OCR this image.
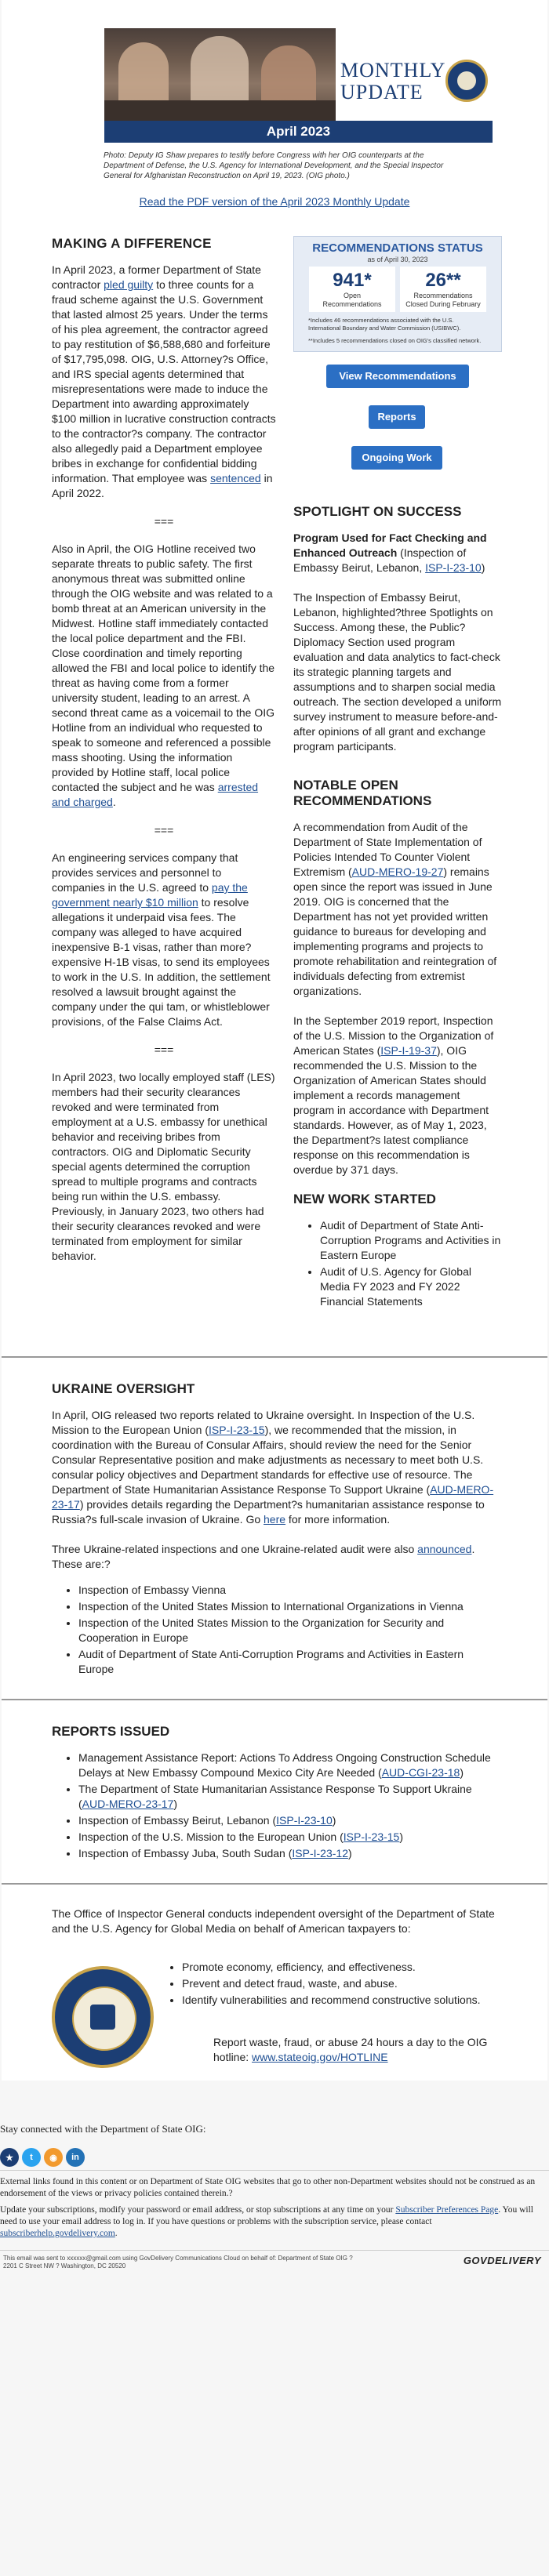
MONTHLY
UPDATE
April 2023

Photo: Deputy IG Shaw prepares to testify before Congress with her OIG counterparts at the Department of Defense, the U.S. Agency for International Development, and the Special Inspector General for Afghanistan Reconstruction on April 19, 2023. (OIG photo.)

Read the PDF version of the April 2023 Monthly Update
MAKING A DIFFERENCE

In April 2023, a former Department of State contractor pled guilty to three counts for a fraud scheme against the U.S. Government that lasted almost 25 years. Under the terms of his plea agreement, the contractor agreed to pay restitution of $6,588,680 and forfeiture of $17,795,098. OIG, U.S. Attorney?s Office, and IRS special agents determined that misrepresentations were made to induce the Department into awarding approximately $100 million in lucrative construction contracts to the contractor?s company. The contractor also allegedly paid a Department employee bribes in exchange for confidential bidding information. That employee was sentenced in April 2022.

===

Also in April, the OIG Hotline received two separate threats to public safety. The first anonymous threat was submitted online through the OIG website and was related to a bomb threat at an American university in the Midwest. Hotline staff immediately contacted the local police department and the FBI. Close coordination and timely reporting allowed the FBI and local police to identify the threat as having come from a former university student, leading to an arrest. A second threat came as a voicemail to the OIG Hotline from an individual who requested to speak to someone and referenced a possible mass shooting. Using the information provided by Hotline staff, local police contacted the subject and he was arrested and charged.

===

An engineering services company that provides services and personnel to companies in the U.S. agreed to pay the government nearly $10 million to resolve allegations it underpaid visa fees. The company was alleged to have acquired inexpensive B-1 visas, rather than more?expensive H-1B visas, to send its employees to work in the U.S. In addition, the settlement resolved a lawsuit brought against the company under the qui tam, or whistleblower provisions, of the False Claims Act.

===

In April 2023, two locally employed staff (LES) members had their security clearances revoked and were terminated from employment at a U.S. embassy for unethical behavior and receiving bribes from contractors. OIG and Diplomatic Security special agents determined the corruption spread to multiple programs and contracts being run within the U.S. embassy. Previously, in January 2023, two others had their security clearances revoked and were terminated from employment for similar behavior.

RECOMMENDATIONS STATUS
as of April 30, 2023
941*
Open
Recommendations
26**
Recommendations
Closed During February
*Includes 46 recommendations associated with the U.S. International Boundary and Water Commission (USIBWC).
**Includes 5 recommendations closed on OIG's classified network.
View Recommendations
Reports
Ongoing Work
SPOTLIGHT ON SUCCESS

Program Used for Fact Checking and Enhanced Outreach (Inspection of Embassy Beirut, Lebanon, ISP-I-23-10)

The Inspection of Embassy Beirut, Lebanon, highlighted?three Spotlights on Success. Among these, the Public?Diplomacy Section used program evaluation and data analytics to fact-check its strategic planning targets and assumptions and to sharpen social media outreach. The section developed a uniform survey instrument to measure before-and-after opinions of all grant and exchange program participants.

NOTABLE OPEN RECOMMENDATIONS

A recommendation from Audit of the Department of State Implementation of Policies Intended To Counter Violent Extremism (AUD-MERO-19-27) remains open since the report was issued in June 2019. OIG is concerned that the Department has not yet provided written guidance to bureaus for developing and implementing programs and projects to promote rehabilitation and reintegration of individuals defecting from extremist organizations.

In the September 2019 report, Inspection of the U.S. Mission to the Organization of American States (ISP-I-19-37), OIG recommended the U.S. Mission to the Organization of American States should implement a records management program in accordance with Department standards. However, as of May 1, 2023, the Department?s latest compliance response on this recommendation is overdue by 371 days.

NEW WORK STARTED
• Audit of Department of State Anti-Corruption Programs and Activities in Eastern Europe
• Audit of U.S. Agency for Global Media FY 2023 and FY 2022 Financial Statements
UKRAINE OVERSIGHT

In April, OIG released two reports related to Ukraine oversight. In Inspection of the U.S. Mission to the European Union (ISP-I-23-15), we recommended that the mission, in coordination with the Bureau of Consular Affairs, should review the need for the Senior Consular Representative position and make adjustments as necessary to meet both U.S. consular policy objectives and Department standards for effective use of resource. The Department of State Humanitarian Assistance Response To Support Ukraine (AUD-MERO-23-17) provides details regarding the Department?s humanitarian assistance response to Russia?s full-scale invasion of Ukraine. Go here for more information.

Three Ukraine-related inspections and one Ukraine-related audit were also announced. These are:?

• Inspection of Embassy Vienna
• Inspection of the United States Mission to International Organizations in Vienna
• Inspection of the United States Mission to the Organization for Security and Cooperation in Europe
• Audit of Department of State Anti-Corruption Programs and Activities in Eastern Europe
REPORTS ISSUED
• Management Assistance Report: Actions To Address Ongoing Construction Schedule Delays at New Embassy Compound Mexico City Are Needed (AUD-CGI-23-18)
• The Department of State Humanitarian Assistance Response To Support Ukraine (AUD-MERO-23-17)
• Inspection of Embassy Beirut, Lebanon (ISP-I-23-10)
• Inspection of the U.S. Mission to the European Union (ISP-I-23-15)
• Inspection of Embassy Juba, South Sudan (ISP-I-23-12)

The Office of Inspector General conducts independent oversight of the Department of State and the U.S. Agency for Global Media on behalf of American taxpayers to:

• Promote economy, efficiency, and effectiveness.
• Prevent and detect fraud, waste, and abuse.
• Identify vulnerabilities and recommend constructive solutions.

Report waste, fraud, or abuse 24 hours a day to the OIG hotline: www.stateoig.gov/HOTLINE

Stay connected with the Department of State OIG:

★	t	◉	in

External links found in this content or on Department of State OIG websites that go to other non-Department websites should not be construed as an endorsement of the views or privacy policies contained therein.?

Update your subscriptions, modify your password or email address, or stop subscriptions at any time on your Subscriber Preferences Page. You will need to use your email address to log in. If you have questions or problems with the subscription service, please contact subscriberhelp.govdelivery.com.

This email was sent to xxxxxx@gmail.com using GovDelivery Communications Cloud on behalf of: Department of State OIG ?
2201 C Street NW ? Washington, DC 20520	GOVDELIVERY
